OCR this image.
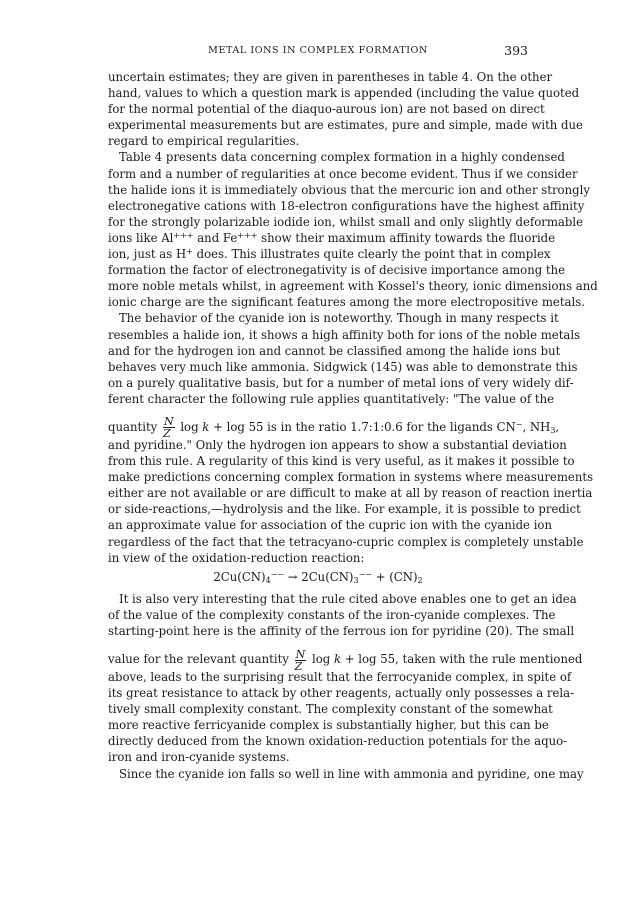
METAL IONS IN COMPLEX FORMATION	393
uncertain estimates; they are given in parentheses in table 4. On the other
hand, values to which a question mark is appended (including the value quoted
for the normal potential of the diaquo-aurous ion) are not based on direct
experimental measurements but are estimates, pure and simple, made with due
regard to empirical regularities.
Table 4 presents data concerning complex formation in a highly condensed
form and a number of regularities at once become evident. Thus if we consider
the halide ions it is immediately obvious that the mercuric ion and other strongly
electronegative cations with 18-electron configurations have the highest affinity
for the strongly polarizable iodide ion, whilst small and only slightly deformable
ions like Al+++ and Fe+++ show their maximum affinity towards the fluoride
ion, just as H+ does. This illustrates quite clearly the point that in complex
formation the factor of electronegativity is of decisive importance among the
more noble metals whilst, in agreement with Kossel's theory, ionic dimensions and
ionic charge are the significant features among the more electropositive metals.
The behavior of the cyanide ion is noteworthy. Though in many respects it
resembles a halide ion, it shows a high affinity both for ions of the noble metals
and for the hydrogen ion and cannot be classified among the halide ions but
behaves very much like ammonia. Sidgwick (145) was able to demonstrate this
on a purely qualitative basis, but for a number of metal ions of very widely dif-
ferent character the following rule applies quantitatively: "The value of the
quantity $\frac{N}{Z}$ log k + log 55 is in the ratio 1.7:1:0.6 for the ligands CN−, $NH_3$,
and pyridine." Only the hydrogen ion appears to show a substantial deviation
from this rule. A regularity of this kind is very useful, as it makes it possible to
make predictions concerning complex formation in systems where measurements
either are not available or are difficult to make at all by reason of reaction inertia
or side-reactions,—hydrolysis and the like. For example, it is possible to predict
an approximate value for association of the cupric ion with the cyanide ion
regardless of the fact that the tetracyano-cupric complex is completely unstable
in view of the oxidation-reduction reaction:
$2Cu(CN)_4^{--} \to 2Cu(CN)_3^{--} + (CN)_2$
It is also very interesting that the rule cited above enables one to get an idea
of the value of the complexity constants of the iron-cyanide complexes. The
starting-point here is the affinity of the ferrous ion for pyridine (20). The small
value for the relevant quantity $\frac{N}{Z}$ log k + log 55, taken with the rule mentioned
above, leads to the surprising result that the ferrocyanide complex, in spite of
its great resistance to attack by other reagents, actually only possesses a rela-
tively small complexity constant. The complexity constant of the somewhat
more reactive ferricyanide complex is substantially higher, but this can be
directly deduced from the known oxidation-reduction potentials for the aquo-
iron and iron-cyanide systems.
Since the cyanide ion falls so well in line with ammonia and pyridine, one may
